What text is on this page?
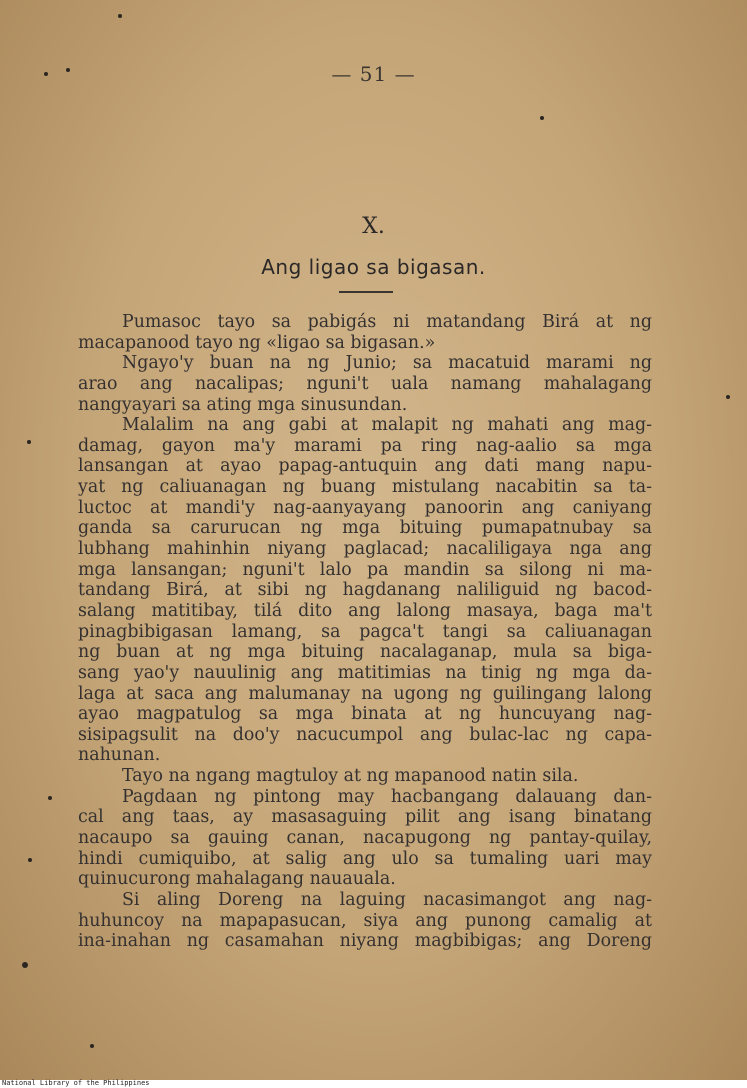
— 51 —
X.
Ang ligao sa bigasan.
Pumasoc tayo sa pabigás ni matandang Birá at ng
macapanood tayo ng «ligao sa bigasan.»
Ngayo'y buan na ng Junio; sa macatuid marami ng
arao ang nacalipas; nguni't uala namang mahalagang
nangyayari sa ating mga sinusundan.
Malalim na ang gabi at malapit ng mahati ang mag-
damag, gayon ma'y marami pa ring nag-aalio sa mga
lansangan at ayao papag-antuquin ang dati mang napu-
yat ng caliuanagan ng buang mistulang nacabitin sa ta-
luctoc at mandi'y nag-aanyayang panoorin ang caniyang
ganda sa carurucan ng mga bituing pumapatnubay sa
lubhang mahinhin niyang paglacad; nacaliligaya nga ang
mga lansangan; nguni't lalo pa mandin sa silong ni ma-
tandang Birá, at sibi ng hagdanang naliliguid ng bacod-
salang matitibay, tilá dito ang lalong masaya, baga ma't
pinagbibigasan lamang, sa pagca't tangi sa caliuanagan
ng buan at ng mga bituing nacalaganap, mula sa biga-
sang yao'y nauulinig ang matitimias na tinig ng mga da-
laga at saca ang malumanay na ugong ng guilingang lalong
ayao magpatulog sa mga binata at ng huncuyang nag-
sisipagsulit na doo'y nacucumpol ang bulac-lac ng capa-
nahunan.
Tayo na ngang magtuloy at ng mapanood natin sila.
Pagdaan ng pintong may hacbangang dalauang dan-
cal ang taas, ay masasaguing pilit ang isang binatang
nacaupo sa gauing canan, nacapugong ng pantay-quilay,
hindi cumiquibo, at salig ang ulo sa tumaling uari may
quinucurong mahalagang nauauala.
Si aling Doreng na laguing nacasimangot ang nag-
huhuncoy na mapapasucan, siya ang punong camalig at
ina-inahan ng casamahan niyang magbibigas; ang Doreng
National Library of the Philippines
